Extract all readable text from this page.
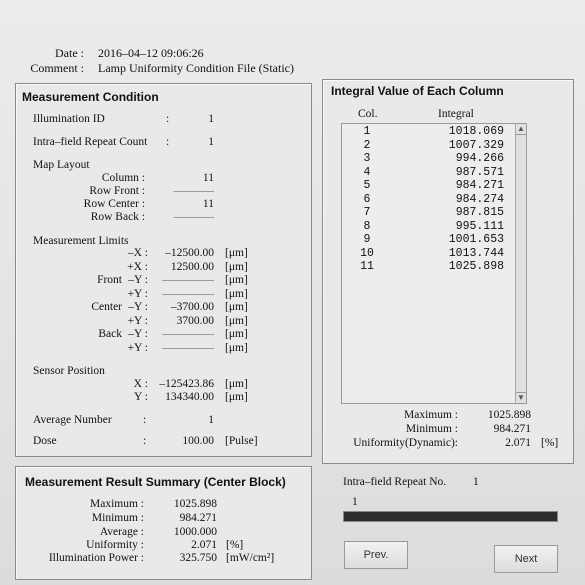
Date : 2016–04–12 09:06:26
Comment : Lamp Uniformity Condition File (Static)
Measurement Condition
Illumination ID	:	1
Intra–field Repeat Count :	1
Map Layout
Column :	11
Row Front :	–––––––
Row Center :	11
Row Back :	–––––––
Measurement Limits
–X :	–12500.00 [μm]
+X :	12500.00 [μm]
Front –Y :	––––––––– [μm]
+Y :	––––––––– [μm]
Center –Y :	–3700.00 [μm]
+Y :	3700.00 [μm]
Back –Y :	––––––––– [μm]
+Y :	––––––––– [μm]
Sensor Position
X : –125423.86 [μm]
Y :	134340.00 [μm]
Average Number	:	1
Dose	:	100.00 [Pulse]
Integral Value of Each Column
Col.	Integral
1	1018.069
2	1007.329
3	994.266
4	987.571
5	984.271
6	984.274
7	987.815
8	995.111
9	1001.653
10	1013.744
11	1025.898
▲
▼
Maximum :	1025.898
Minimum :	984.271
Uniformity(Dynamic):	2.071 [%]
Measurement Result Summary (Center Block)
Maximum :	1025.898
Minimum :	984.271
Average :	1000.000
Uniformity :	2.071 [%]
Illumination Power :	325.750 [mW/cm²]
Intra–field Repeat No. 1
1
Prev.	Next
